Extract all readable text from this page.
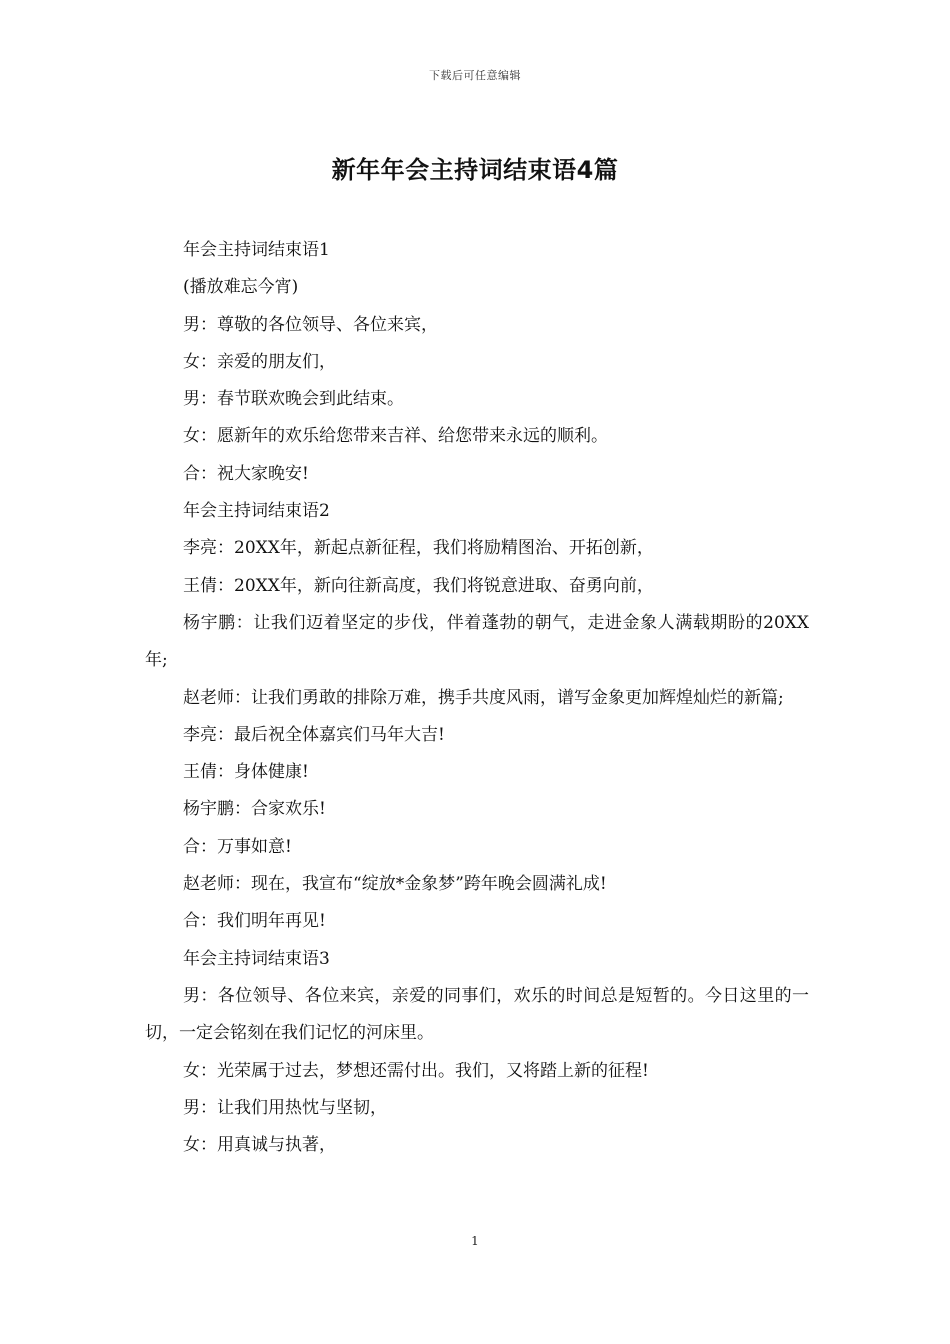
下载后可任意编辑
新年年会主持词结束语4篇

年会主持词结束语1

(播放难忘今宵)

男：尊敬的各位领导、各位来宾，

女：亲爱的朋友们，

男：春节联欢晚会到此结束。

女：愿新年的欢乐给您带来吉祥、给您带来永远的顺利。

合：祝大家晚安!

年会主持词结束语2

李亮：20XX年，新起点新征程，我们将励精图治、开拓创新，

王倩：20XX年，新向往新高度，我们将锐意进取、奋勇向前，

杨宇鹏：让我们迈着坚定的步伐，伴着蓬勃的朝气，走进金象人满载期盼的20XX年;

赵老师：让我们勇敢的排除万难，携手共度风雨，谱写金象更加辉煌灿烂的新篇;

李亮：最后祝全体嘉宾们马年大吉!

王倩：身体健康!

杨宇鹏：合家欢乐!

合：万事如意!

赵老师：现在，我宣布“绽放*金象梦”跨年晚会圆满礼成!

合：我们明年再见!

年会主持词结束语3

男：各位领导、各位来宾，亲爱的同事们，欢乐的时间总是短暂的。今日这里的一切，一定会铭刻在我们记忆的河床里。

女：光荣属于过去，梦想还需付出。我们，又将踏上新的征程!

男：让我们用热忱与坚韧，

女：用真诚与执著，

1
